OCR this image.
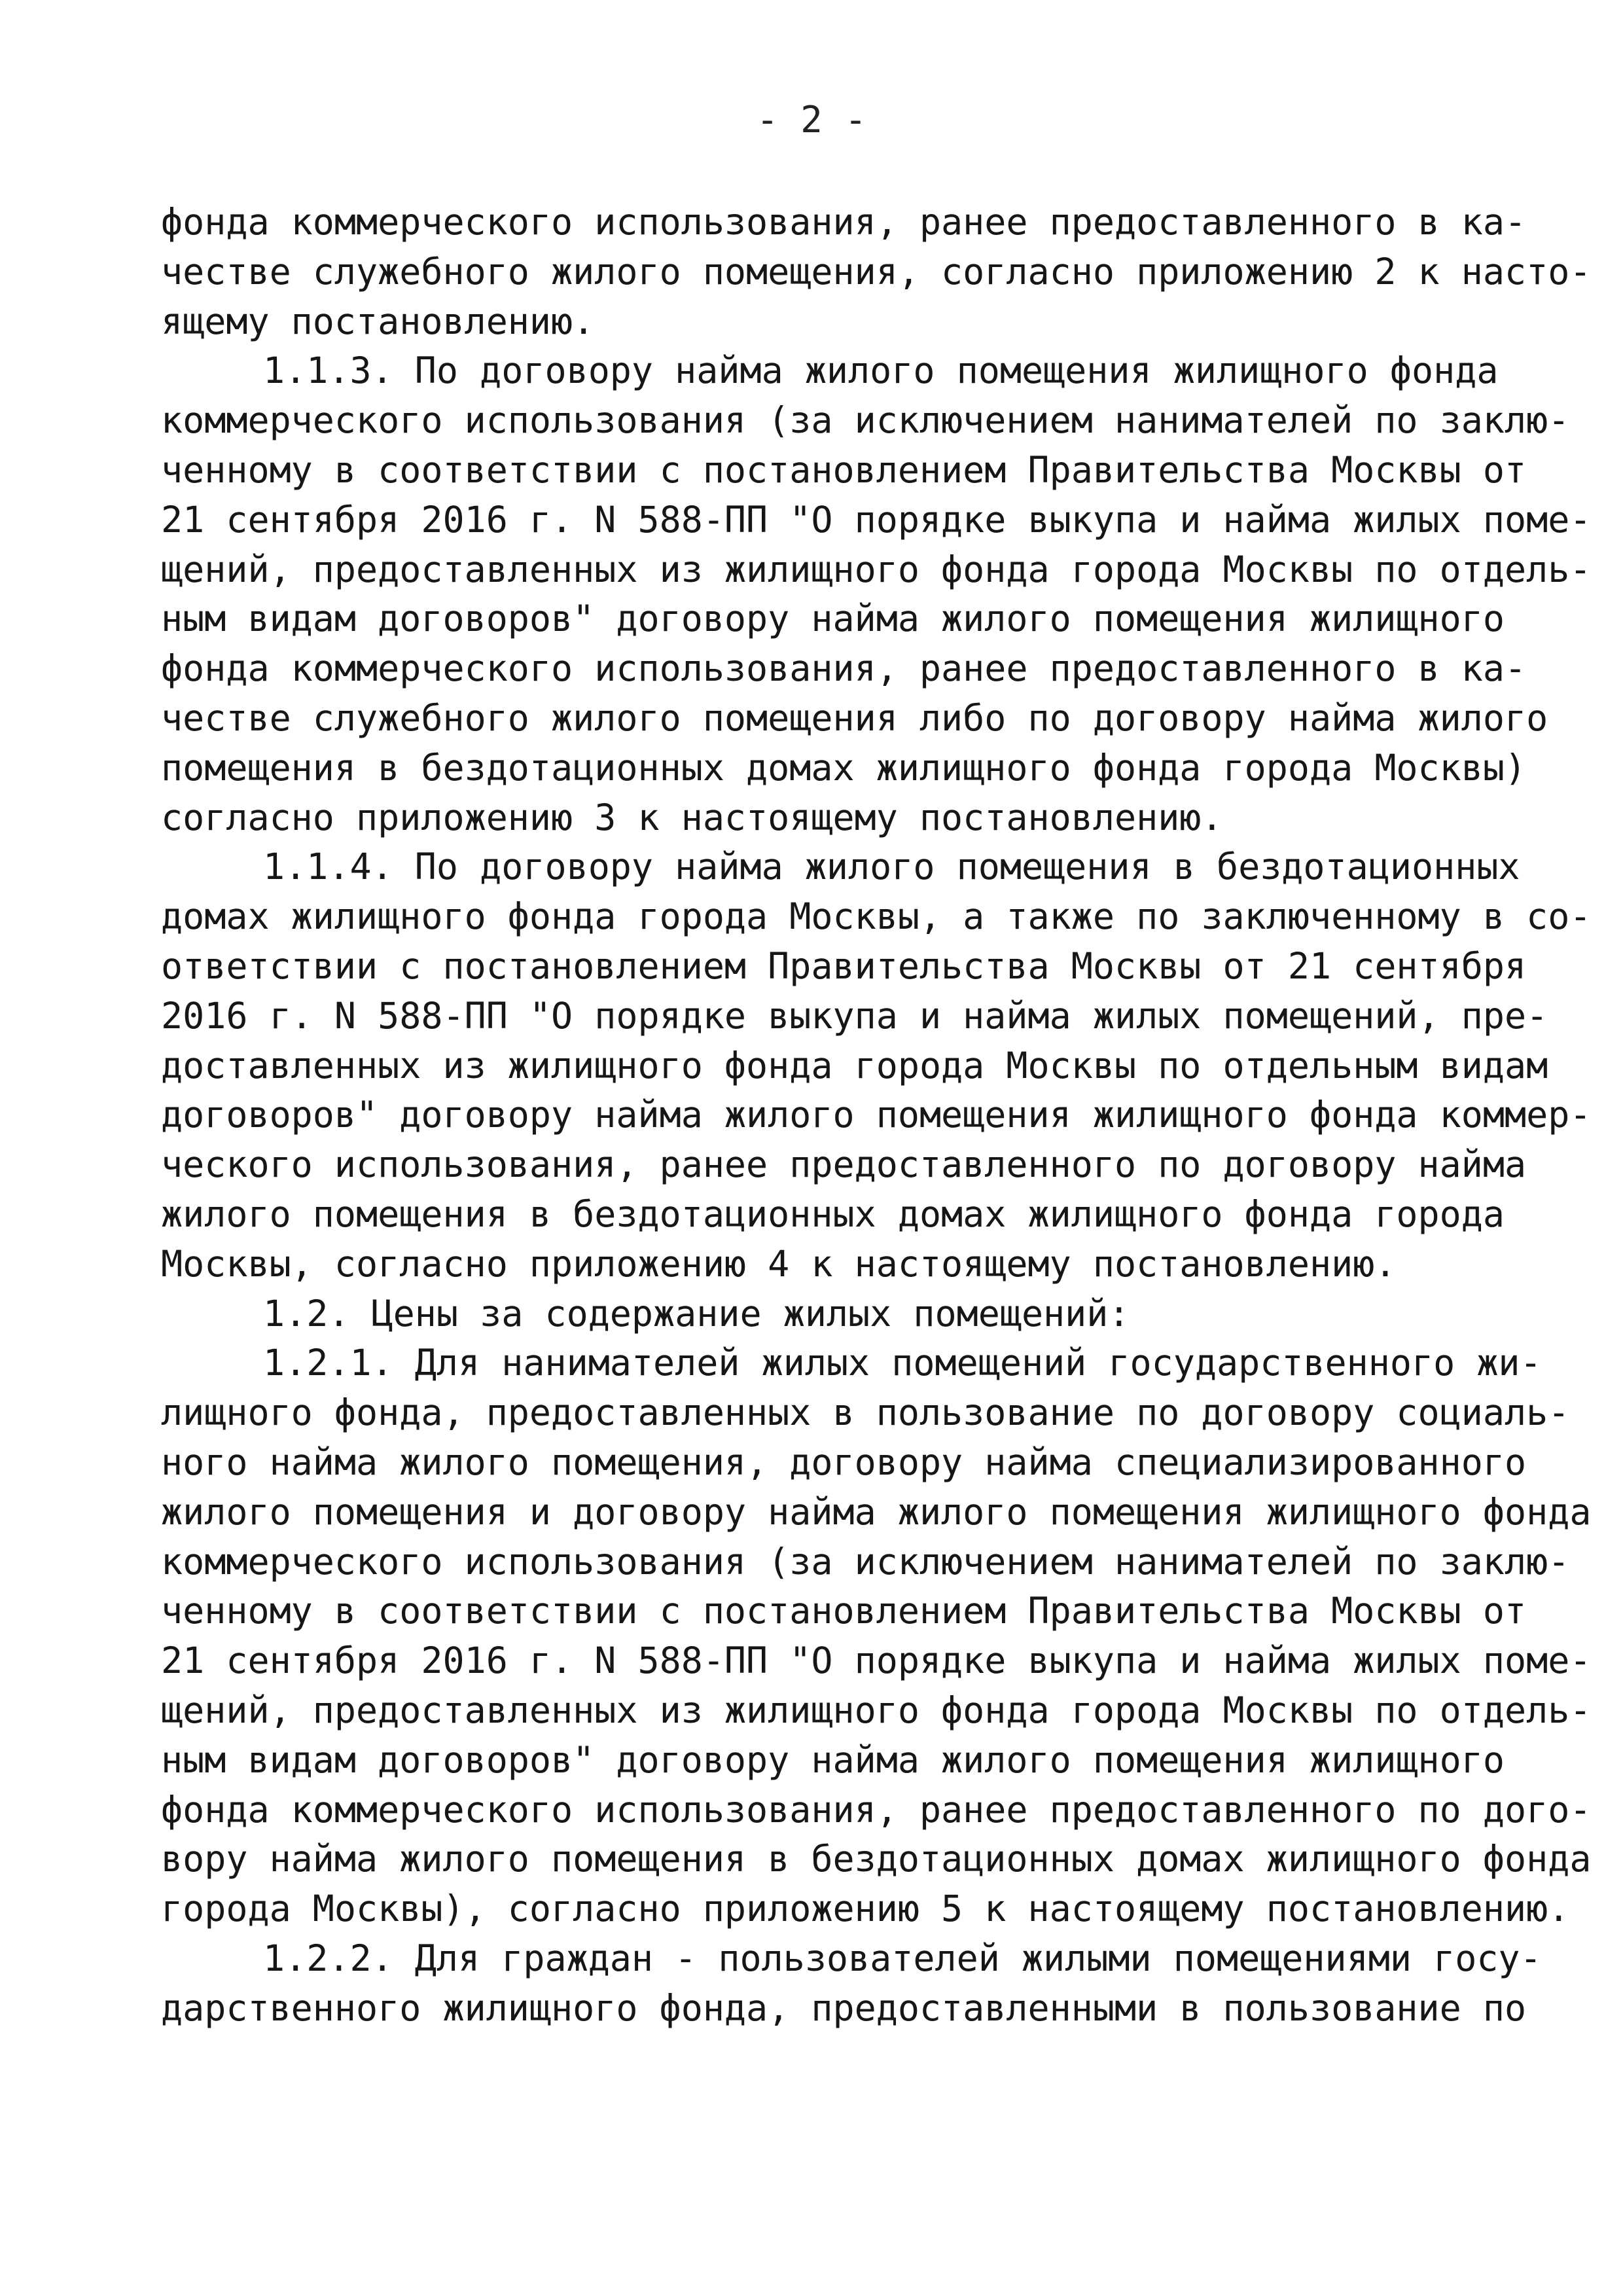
- 2 -
фонда коммерческого использования, ранее предоставленного в ка-
честве служебного жилого помещения, согласно приложению 2 к насто-
ящему постановлению.
1.1.3. По договору найма жилого помещения жилищного фонда
коммерческого использования (за исключением нанимателей по заклю-
ченному в соответствии с постановлением Правительства Москвы от
21 сентября 2016 г. N 588-ПП "О порядке выкупа и найма жилых поме-
щений, предоставленных из жилищного фонда города Москвы по отдель-
ным видам договоров" договору найма жилого помещения жилищного
фонда коммерческого использования, ранее предоставленного в ка-
честве служебного жилого помещения либо по договору найма жилого
помещения в бездотационных домах жилищного фонда города Москвы)
согласно приложению 3 к настоящему постановлению.
1.1.4. По договору найма жилого помещения в бездотационных
домах жилищного фонда города Москвы, а также по заключенному в со-
ответствии с постановлением Правительства Москвы от 21 сентября
2016 г. N 588-ПП "О порядке выкупа и найма жилых помещений, пре-
доставленных из жилищного фонда города Москвы по отдельным видам
договоров" договору найма жилого помещения жилищного фонда коммер-
ческого использования, ранее предоставленного по договору найма
жилого помещения в бездотационных домах жилищного фонда города
Москвы, согласно приложению 4 к настоящему постановлению.
1.2. Цены за содержание жилых помещений:
1.2.1. Для нанимателей жилых помещений государственного жи-
лищного фонда, предоставленных в пользование по договору социаль-
ного найма жилого помещения, договору найма специализированного
жилого помещения и договору найма жилого помещения жилищного фонда
коммерческого использования (за исключением нанимателей по заклю-
ченному в соответствии с постановлением Правительства Москвы от
21 сентября 2016 г. N 588-ПП "О порядке выкупа и найма жилых поме-
щений, предоставленных из жилищного фонда города Москвы по отдель-
ным видам договоров" договору найма жилого помещения жилищного
фонда коммерческого использования, ранее предоставленного по дого-
вору найма жилого помещения в бездотационных домах жилищного фонда
города Москвы), согласно приложению 5 к настоящему постановлению.
1.2.2. Для граждан - пользователей жилыми помещениями госу-
дарственного жилищного фонда, предоставленными в пользование по
